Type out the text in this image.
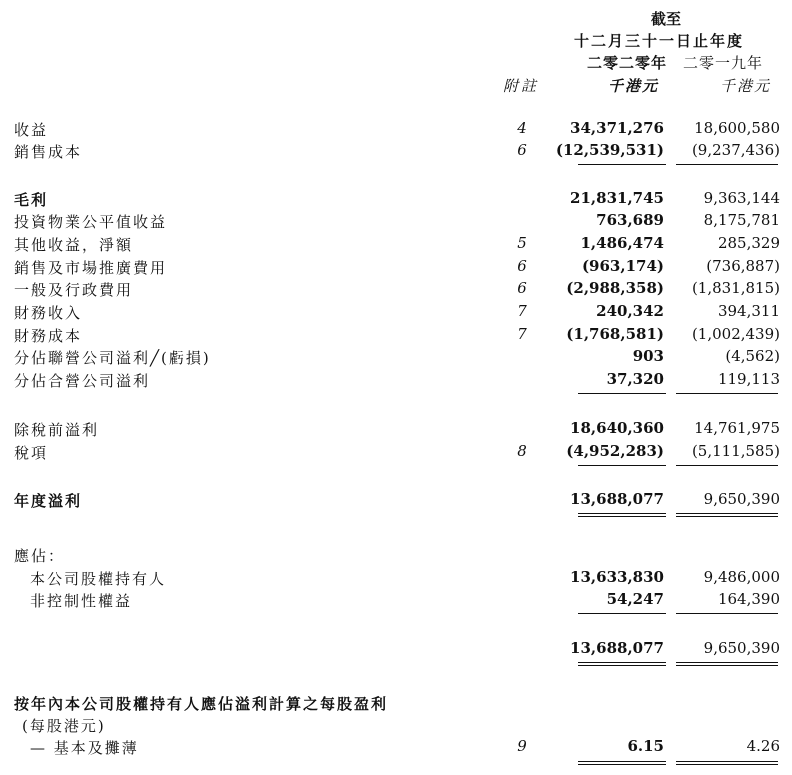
截至
十二月三十一日止年度
二零二零年 二零一九年
附註	千港元	千港元
收益	4	34,371,276 18,600,580
銷售成本	6 (12,539,531) (9,237,436)
毛利	21,831,745	9,363,144
投資物業公平值收益	763,689	8,175,781
其他收益，淨額	5	1,486,474	285,329
銷售及市場推廣費用	6	(963,174)	(736,887)
一般及行政費用	6	(2,988,358) (1,831,815)
財務收入	7	240,342	394,311
財務成本	7	(1,768,581) (1,002,439)
分佔聯營公司溢利╱(虧損)	903	(4,562)
分佔合營公司溢利	37,320	119,113
除稅前溢利	18,640,360 14,761,975
稅項	8	(4,952,283) (5,111,585)
年度溢利	13,688,077	9,650,390
應佔：
本公司股權持有人	13,633,830	9,486,000
非控制性權益	54,247	164,390
13,688,077	9,650,390
按年內本公司股權持有人應佔溢利計算之每股盈利
(每股港元)
— 基本及攤薄	9	6.15	4.26
